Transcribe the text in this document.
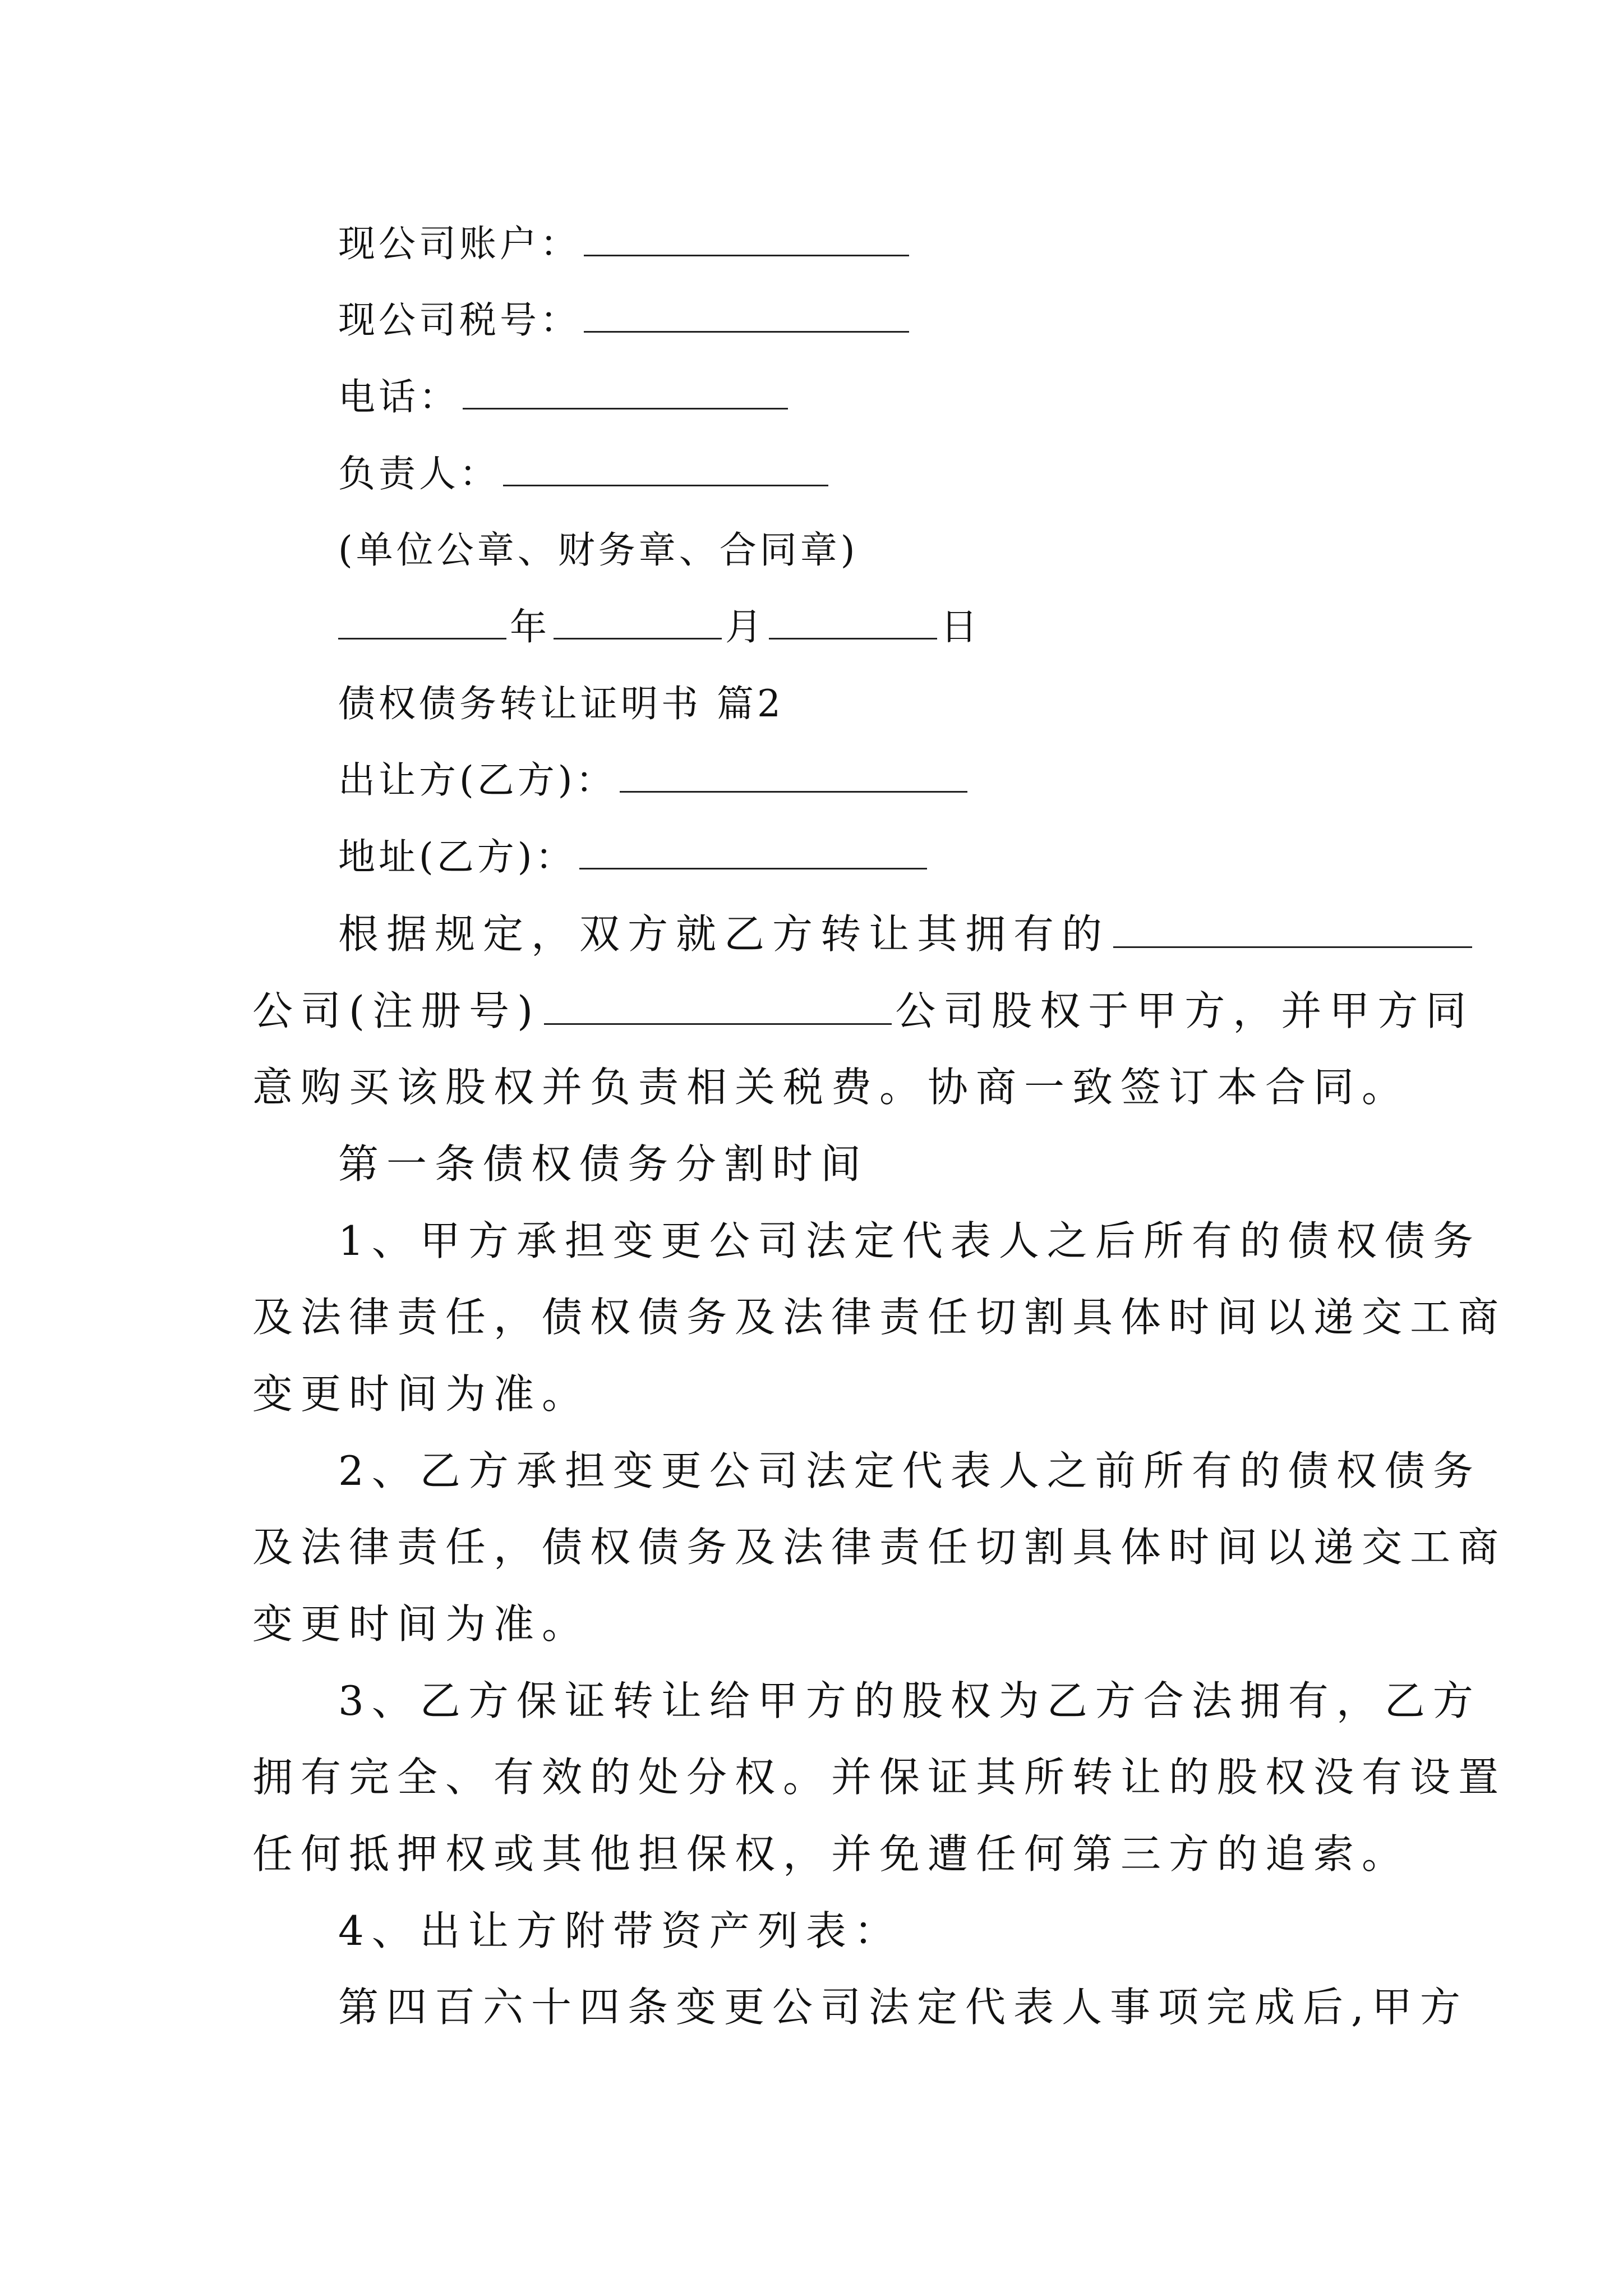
现公司账户：
现公司税号：
电话：
负责人：
(单位公章、财务章、合同章)
年	月	日
债权债务转让证明书 篇2
出让方(乙方)：
地址(乙方)：
根据规定，双方就乙方转让其拥有的
公司(注册号)	公司股权于甲方，并甲方同
意购买该股权并负责相关税费。协商一致签订本合同。
第一条债权债务分割时间
1、甲方承担变更公司法定代表人之后所有的债权债务
及法律责任，债权债务及法律责任切割具体时间以递交工商
变更时间为准。
2、乙方承担变更公司法定代表人之前所有的债权债务
及法律责任，债权债务及法律责任切割具体时间以递交工商
变更时间为准。
3、乙方保证转让给甲方的股权为乙方合法拥有，乙方
拥有完全、有效的处分权。并保证其所转让的股权没有设置
任何抵押权或其他担保权，并免遭任何第三方的追索。
4、出让方附带资产列表：
第四百六十四条变更公司法定代表人事项完成后,甲方
